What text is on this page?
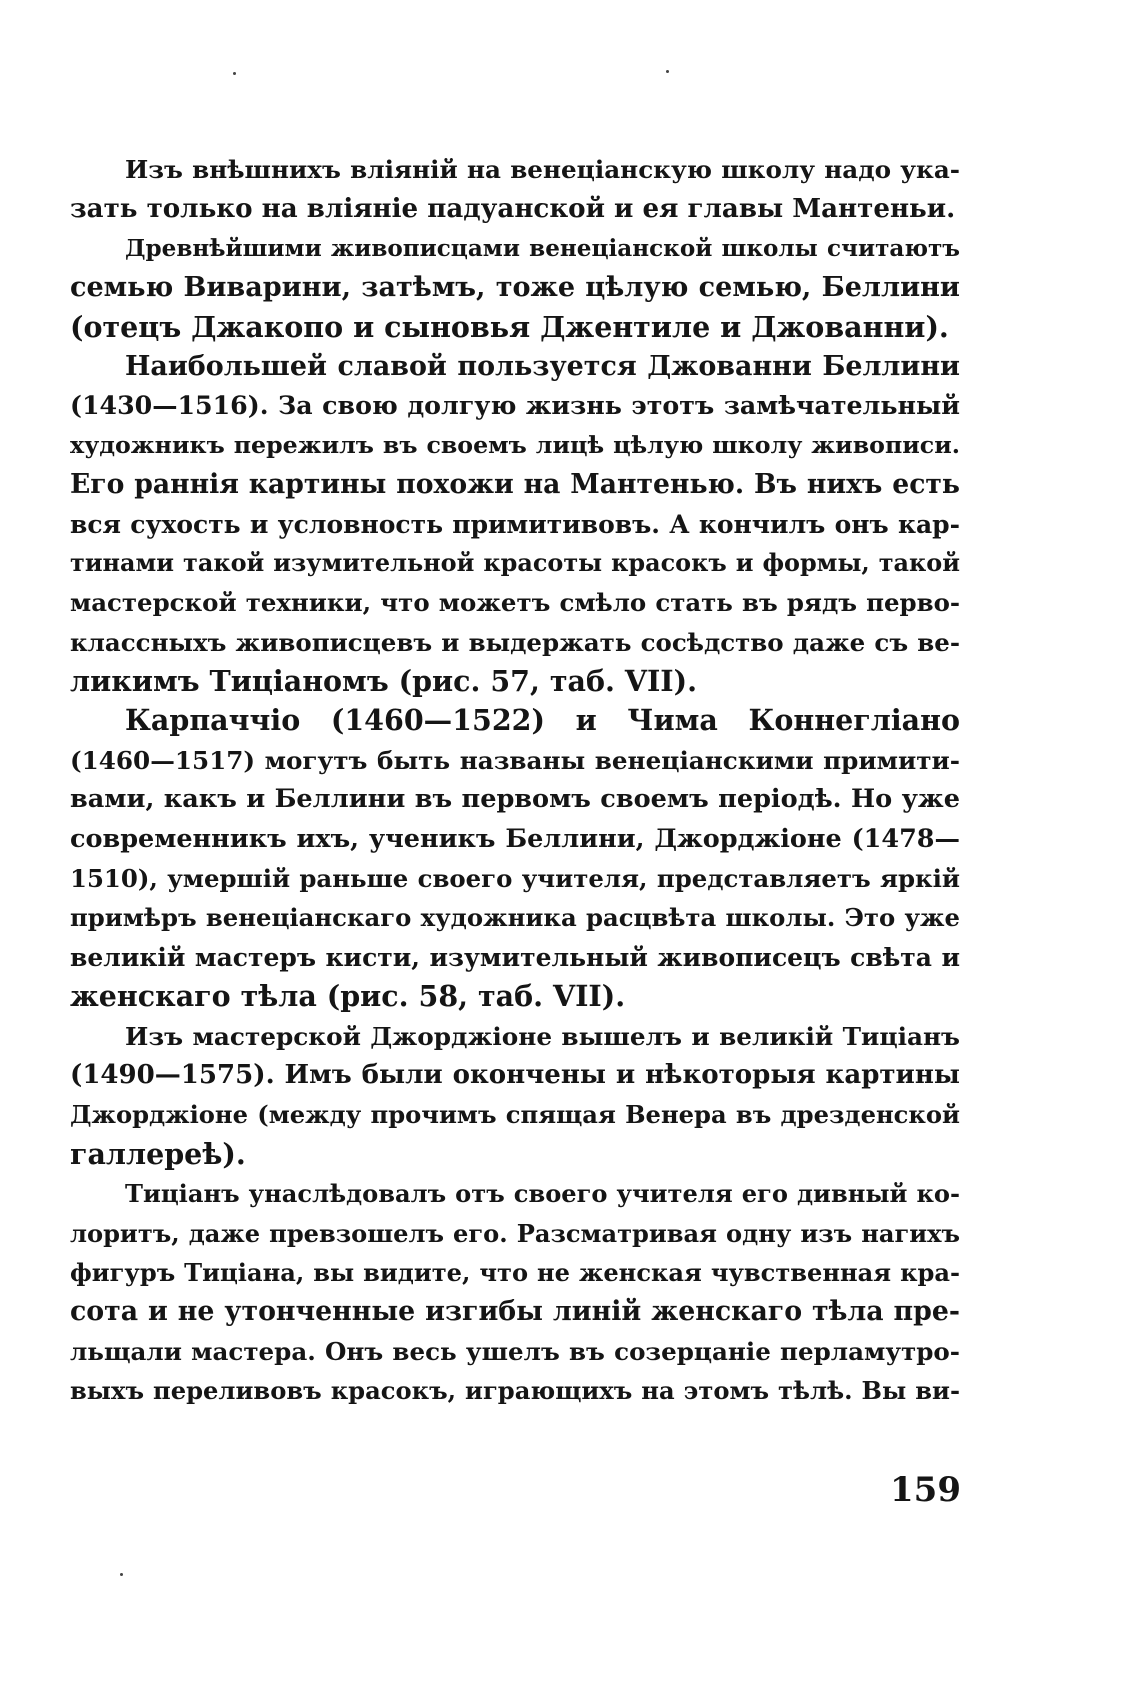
Изъ внѣшнихъ вліяній на венеціанскую школу надо ука-
зать только на вліяніе падуанской и ея главы Мантеньи.
Древнѣйшими живописцами венеціанской школы считаютъ
семью Виварини, затѣмъ, тоже цѣлую семью, Беллини
(отецъ Джакопо и сыновья Джентиле и Джованни).
Наибольшей славой пользуется Джованни Беллини
(1430—1516). За свою долгую жизнь этотъ замѣчательный
художникъ пережилъ въ своемъ лицѣ цѣлую школу живописи.
Его раннія картины похожи на Мантенью. Въ нихъ есть
вся сухость и условность примитивовъ. А кончилъ онъ кар-
тинами такой изумительной красоты красокъ и формы, такой
мастерской техники, что можетъ смѣло стать въ рядъ перво-
классныхъ живописцевъ и выдержать сосѣдство даже съ ве-
ликимъ Тиціаномъ (рис. 57, таб. VII).
Карпаччіо (1460—1522) и Чима Коннегліано
(1460—1517) могутъ быть названы венеціанскими примити-
вами, какъ и Беллини въ первомъ своемъ періодѣ. Но уже
современникъ ихъ, ученикъ Беллини, Джорджіоне (1478—
1510), умершій раньше своего учителя, представляетъ яркій
примѣръ венеціанскаго художника расцвѣта школы. Это уже
великій мастеръ кисти, изумительный живописецъ свѣта и
женскаго тѣла (рис. 58, таб. VII).
Изъ мастерской Джорджіоне вышелъ и великій Тиціанъ
(1490—1575). Имъ были окончены и нѣкоторыя картины
Джорджіоне (между прочимъ спящая Венера въ дрезденской
галлереѣ).
Тиціанъ унаслѣдовалъ отъ своего учителя его дивный ко-
лоритъ, даже превзошелъ его. Разсматривая одну изъ нагихъ
фигуръ Тиціана, вы видите, что не женская чувственная кра-
сота и не утонченные изгибы линій женскаго тѣла пре-
льщали мастера. Онъ весь ушелъ въ созерцаніе перламутро-
выхъ переливовъ красокъ, играющихъ на этомъ тѣлѣ. Вы ви-
159
